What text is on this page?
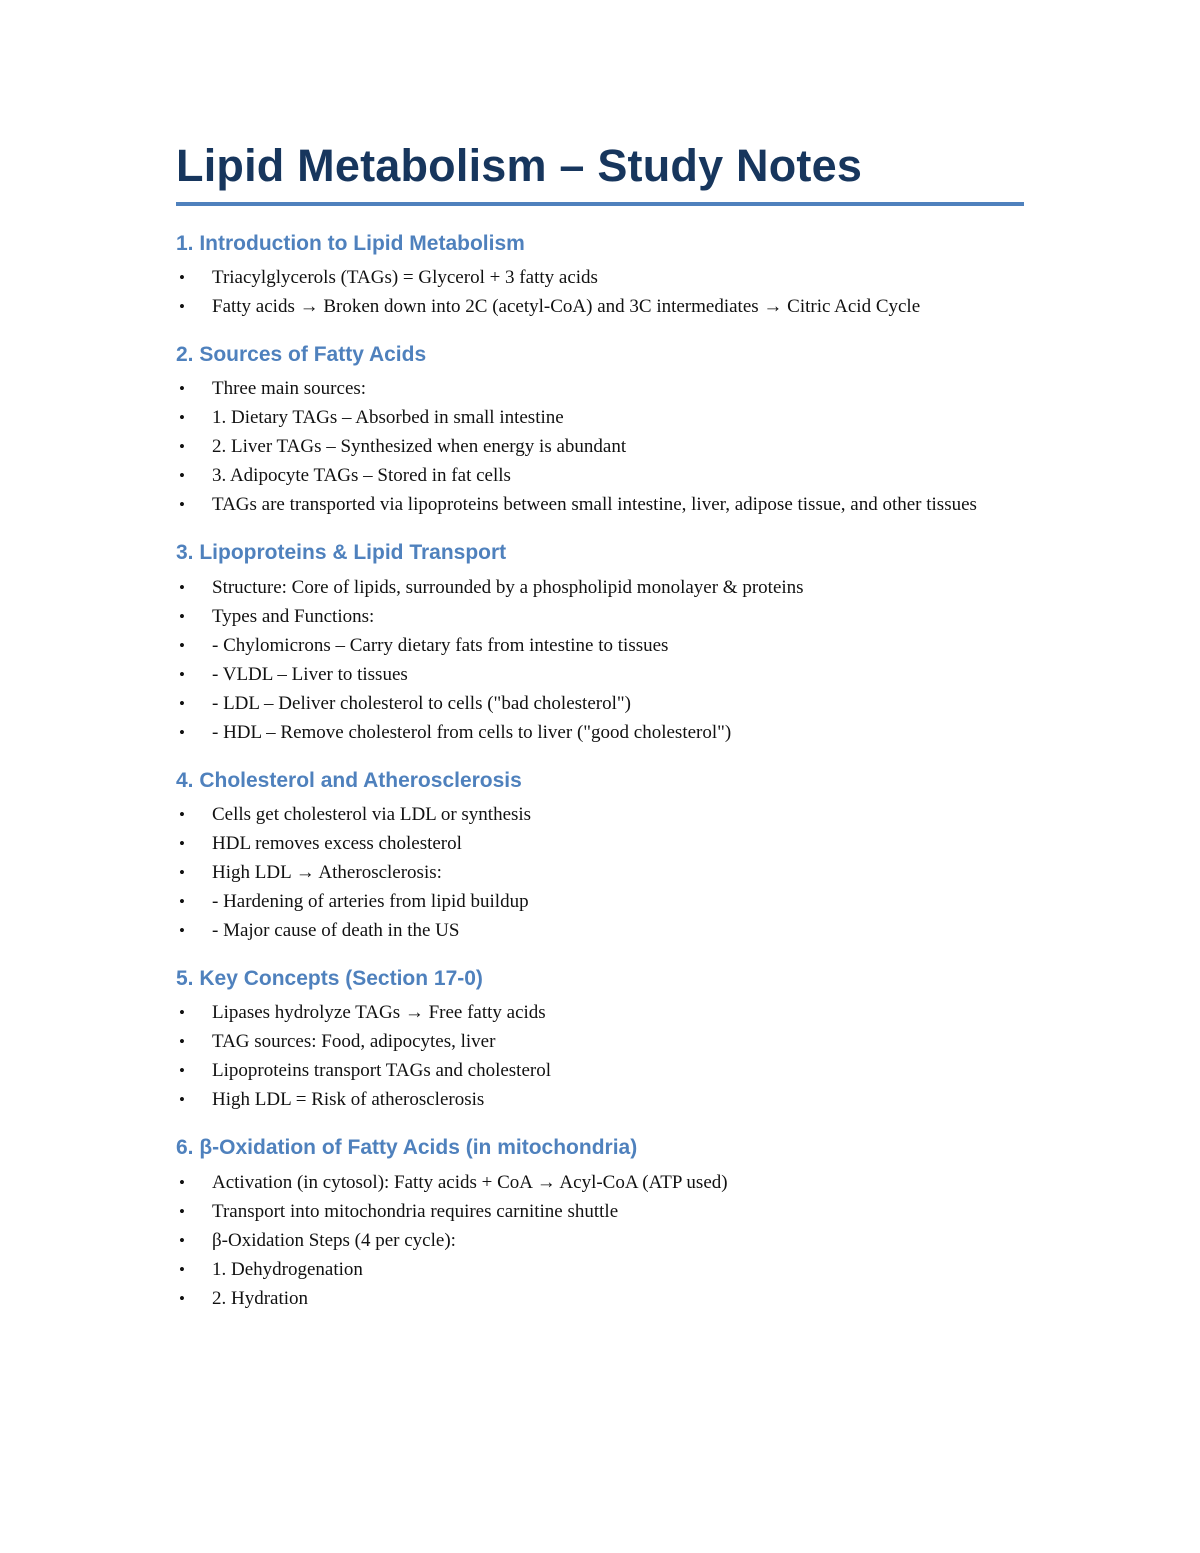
Lipid Metabolism – Study Notes
1. Introduction to Lipid Metabolism
• Triacylglycerols (TAGs) = Glycerol + 3 fatty acids
• Fatty acids → Broken down into 2C (acetyl-CoA) and 3C intermediates → Citric Acid Cycle
2. Sources of Fatty Acids
• Three main sources:
• 1. Dietary TAGs – Absorbed in small intestine
• 2. Liver TAGs – Synthesized when energy is abundant
• 3. Adipocyte TAGs – Stored in fat cells
• TAGs are transported via lipoproteins between small intestine, liver, adipose tissue, and other tissues
3. Lipoproteins & Lipid Transport
• Structure: Core of lipids, surrounded by a phospholipid monolayer & proteins
• Types and Functions:
• - Chylomicrons – Carry dietary fats from intestine to tissues
• - VLDL – Liver to tissues
• - LDL – Deliver cholesterol to cells ("bad cholesterol")
• - HDL – Remove cholesterol from cells to liver ("good cholesterol")
4. Cholesterol and Atherosclerosis
• Cells get cholesterol via LDL or synthesis
• HDL removes excess cholesterol
• High LDL → Atherosclerosis:
• - Hardening of arteries from lipid buildup
• - Major cause of death in the US
5. Key Concepts (Section 17-0)
• Lipases hydrolyze TAGs → Free fatty acids
• TAG sources: Food, adipocytes, liver
• Lipoproteins transport TAGs and cholesterol
• High LDL = Risk of atherosclerosis
6. β-Oxidation of Fatty Acids (in mitochondria)
• Activation (in cytosol): Fatty acids + CoA → Acyl-CoA (ATP used)
• Transport into mitochondria requires carnitine shuttle
• β-Oxidation Steps (4 per cycle):
• 1. Dehydrogenation
• 2. Hydration
